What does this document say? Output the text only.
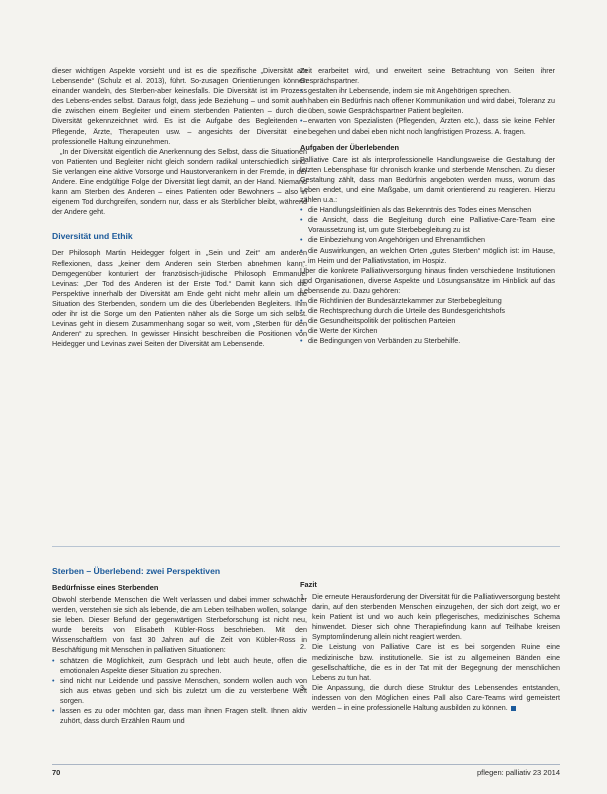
dieser wichtigen Aspekte vorsieht und ist es die spezifische „Diversität am Lebensende“ (Schulz et al. 2013), führt. So-zusagen Orientierungen können einander wandeln, des Sterben-aber keinesfalls. Die Diversität ist im Prozess des Lebens-endes selbst. Daraus folgt, dass jede Beziehung – und somit auch die zwischen einem Begleiter und einem sterbenden Patienten – durch die Diversität gekennzeichnet wird. Es ist die Aufgabe des Begleitenden – Pflegende, Ärzte, Therapeuten usw. – angesichts der Diversität eine professionelle Haltung einzunehmen.

„In der Diversität eigentlich die Anerkennung des Selbst, dass die Situationen von Patienten und Begleiter nicht gleich sondern radikal unterschiedlich sind. Sie verlangen eine aktive Vorsorge und Haustorverankern in der Fremde, in der Andere. Eine endgültige Folge der Diversität liegt damit, an der Hand. Niemand kann am Sterben des Anderen – eines Patienten oder Bewohners – also in eigenem Tod durchgreifen, sondern nur, dass er als Sterblicher bleibt, während der Andere geht.

Diversität und Ethik

Der Philosoph Martin Heidegger folgert in „Sein und Zeit“ am anderen Reflexionen, dass „keiner dem Anderen sein Sterben abnehmen kann“. Demgegenüber konturiert der französisch-jüdische Philosoph Emmanuel Levinas: „Der Tod des Anderen ist der Erste Tod.“ Damit kann sich die Perspektive innerhalb der Diversität am Ende geht nicht mehr allein um die Situation des Sterbenden, sondern um die des Überlebenden Begleiters. Ihm oder ihr ist die Sorge um den Patienten näher als die Sorge um sich selbst. Levinas geht in diesem Zusammenhang sogar so weit, vom „Sterben für den Anderen“ zu sprechen. In gewisser Hinsicht beschreiben die Positionen von Heidegger und Levinas zwei Seiten der Diversität am Lebensende.

Zeit erarbeitet wird, und erweitert seine Betrachtung von Seiten ihrer Gesprächspartner.

• gestalten ihr Lebensende, indem sie mit Angehörigen sprechen.
• haben ein Bedürfnis nach offener Kommunikation und wird dabei, Toleranz zu üben, sowie Gesprächspartner Patient begleiten.
• erwarten von Spezialisten (Pflegenden, Ärzten etc.), dass sie keine Fehler begehen und dabei eben nicht noch langfristigen Prozess. A. fragen.
Aufgaben der Überlebenden

Palliative Care ist als interprofessionelle Handlungsweise die Gestaltung der letzten Lebensphase für chronisch kranke und sterbende Menschen. Zu dieser Gestaltung zählt, dass man Bedürfnis angeboten werden muss, worum das Leben endet, und eine Maßgabe, um damit orientierend zu reagieren. Hierzu zählen u.a.:

• die Handlungsleitlinien als das Bekenntnis des Todes eines Menschen
• die Ansicht, dass die Begleitung durch eine Palliative-Care-Team eine Voraussetzung ist, um gute Sterbebegleitung zu ist
• die Einbeziehung von Angehörigen und Ehrenamtlichen
• die Auswirkungen, an welchen Orten „gutes Sterben“ möglich ist: im Hause, im Heim und der Palliativstation, im Hospiz.

Über die konkrete Palliativversorgung hinaus finden verschiedene Institutionen und Organisationen, diverse Aspekte und Lösungsansätze im Hinblick auf das Lebensende zu. Dazu gehören:

• die Richtlinien der Bundesärztekammer zur Sterbebegleitung
• die Rechtsprechung durch die Urteile des Bundesgerichtshofs
• die Gesundheitspolitik der politischen Parteien
• die Werte der Kirchen
• die Bedingungen von Verbänden zu Sterbehilfe.
Sterben – Überlebend: zwei Perspektiven
Bedürfnisse eines Sterbenden

Obwohl sterbende Menschen die Welt verlassen und dabei immer schwächer werden, verstehen sie sich als lebende, die am Leben teilhaben wollen, solange sie leben. Dieser Befund der gegenwärtigen Sterbeforschung ist nicht neu, wurde bereits von Elisabeth Kübler-Ross beschrieben. Mit den Wissenschaftlern von fast 30 Jahren auf die Zeit von Kübler-Ross in Beschäftigung mit Menschen in palliativen Situationen:

• schätzen die Möglichkeit, zum Gespräch und lebt auch heute, offen die emotionalen Aspekte dieser Situation zu sprechen.
• sind nicht nur Leidende und passive Menschen, sondern wollen auch von sich aus etwas geben und sich bis zuletzt um die zu versterbene Welt sorgen.
• lassen es zu oder möchten gar, dass man ihnen Fragen stellt. Ihnen aktiv zuhört, dass durch Erzählen Raum und
Fazit
Die erneute Herausforderung der Diversität für die Palliativversorgung besteht darin, auf den sterbenden Menschen einzugehen, der sich dort zeigt, wo er kein Patient ist und wo auch kein pflegerisches, medizinisches Schema hinwendet. Dieser sich ohne Therapiefindung kann auf Teilhabe kreisen Symptomlinderung allein nicht reagiert werden.
Die Leistung von Palliative Care ist es bei sorgenden Ruine eine medizinische bzw. institutionelle. Sie ist zu allgemeinen Bänden eine gesellschaftliche, die es in der Tat mit der Begegnung der menschlichen Lebens zu tun hat.
Die Anpassung, die durch diese Struktur des Lebensendes entstanden, indessen von den Möglichen eines Pall also Care-Teams wird gemeistert werden – in eine professionelle Haltung ausbilden zu können.
70	pflegen: palliativ 23 2014
